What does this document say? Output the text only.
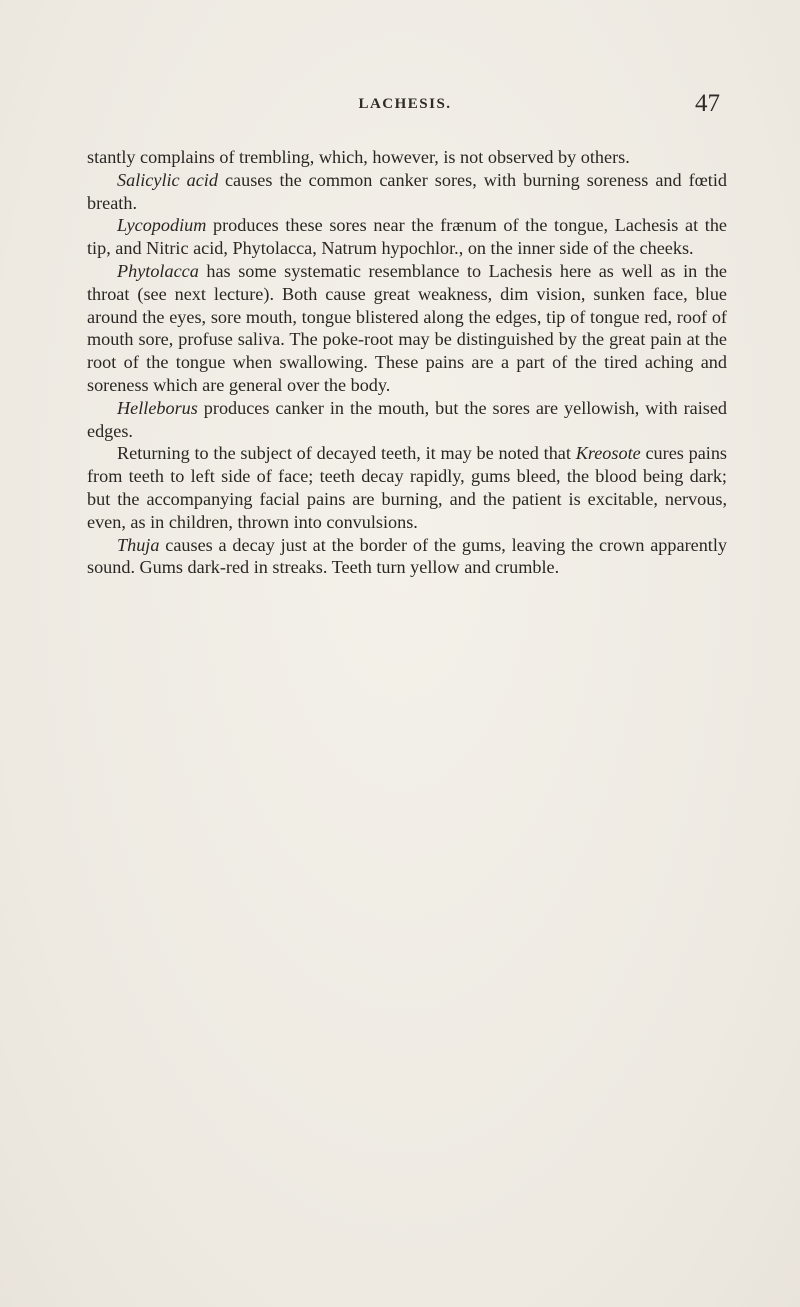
LACHESIS.	47

stantly complains of trembling, which, however, is not observed by others.

Salicylic acid causes the common canker sores, with burning soreness and fœtid breath.

Lycopodium produces these sores near the frænum of the tongue, Lachesis at the tip, and Nitric acid, Phytolacca, Natrum hypochlor., on the inner side of the cheeks.

Phytolacca has some systematic resemblance to Lachesis here as well as in the throat (see next lecture). Both cause great weakness, dim vision, sunken face, blue around the eyes, sore mouth, tongue blistered along the edges, tip of tongue red, roof of mouth sore, profuse saliva. The poke-root may be distinguished by the great pain at the root of the tongue when swallowing. These pains are a part of the tired aching and soreness which are general over the body.

Helleborus produces canker in the mouth, but the sores are yellowish, with raised edges.

Returning to the subject of decayed teeth, it may be noted that Kreosote cures pains from teeth to left side of face; teeth decay rapidly, gums bleed, the blood being dark; but the accompanying facial pains are burning, and the patient is excitable, nervous, even, as in children, thrown into convulsions.

Thuja causes a decay just at the border of the gums, leaving the crown apparently sound. Gums dark-red in streaks. Teeth turn yellow and crumble.
